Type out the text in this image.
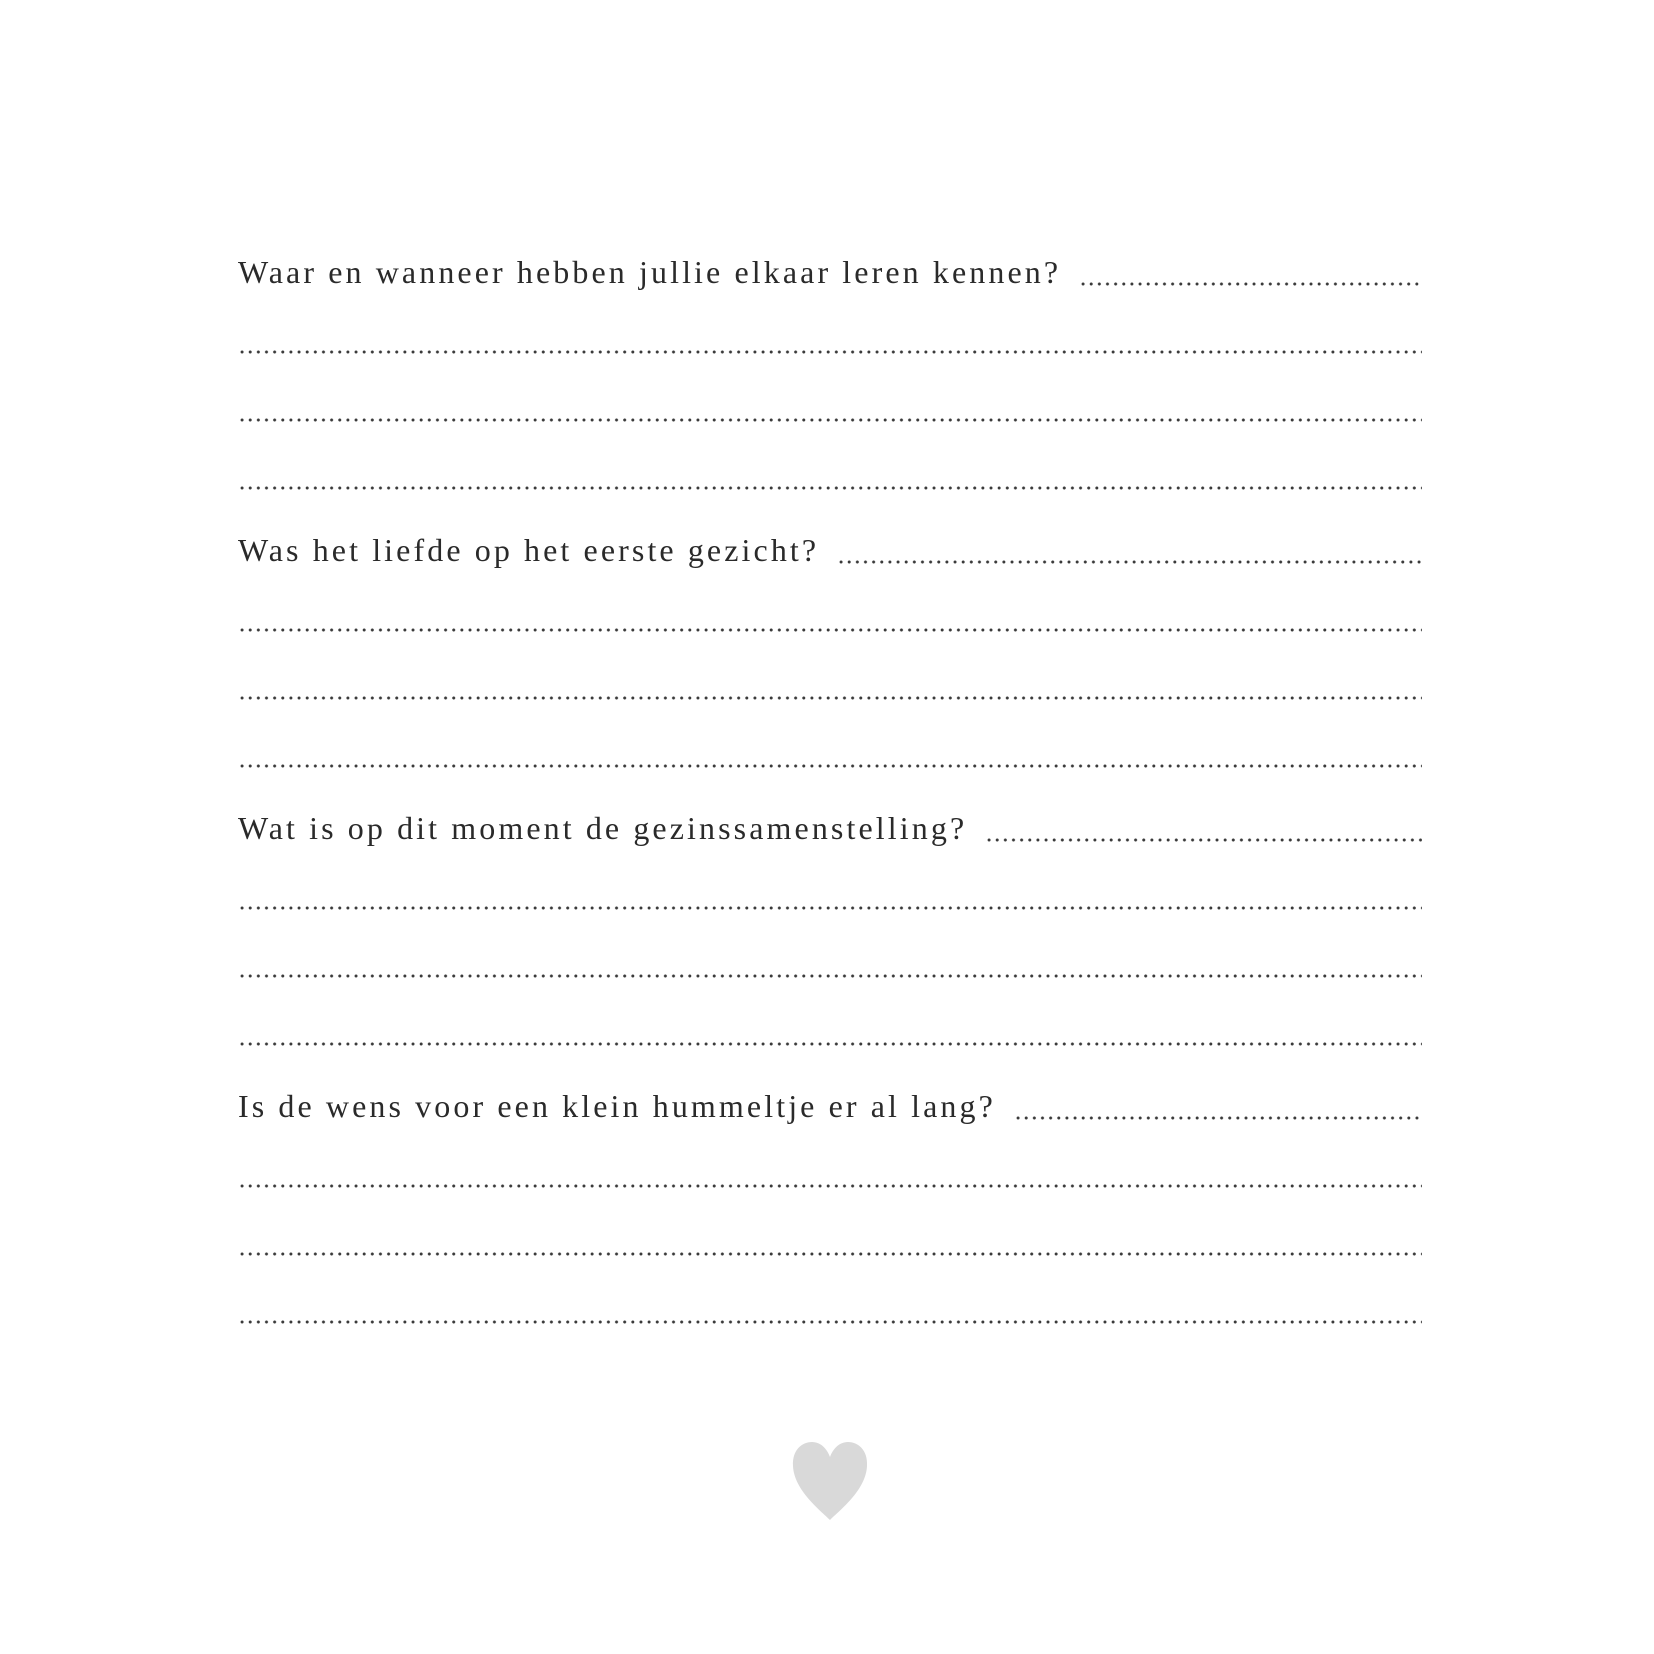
Waar en wanneer hebben jullie elkaar leren kennen?
Was het liefde op het eerste gezicht?
Wat is op dit moment de gezinssamenstelling?
Is de wens voor een klein hummeltje er al lang?
